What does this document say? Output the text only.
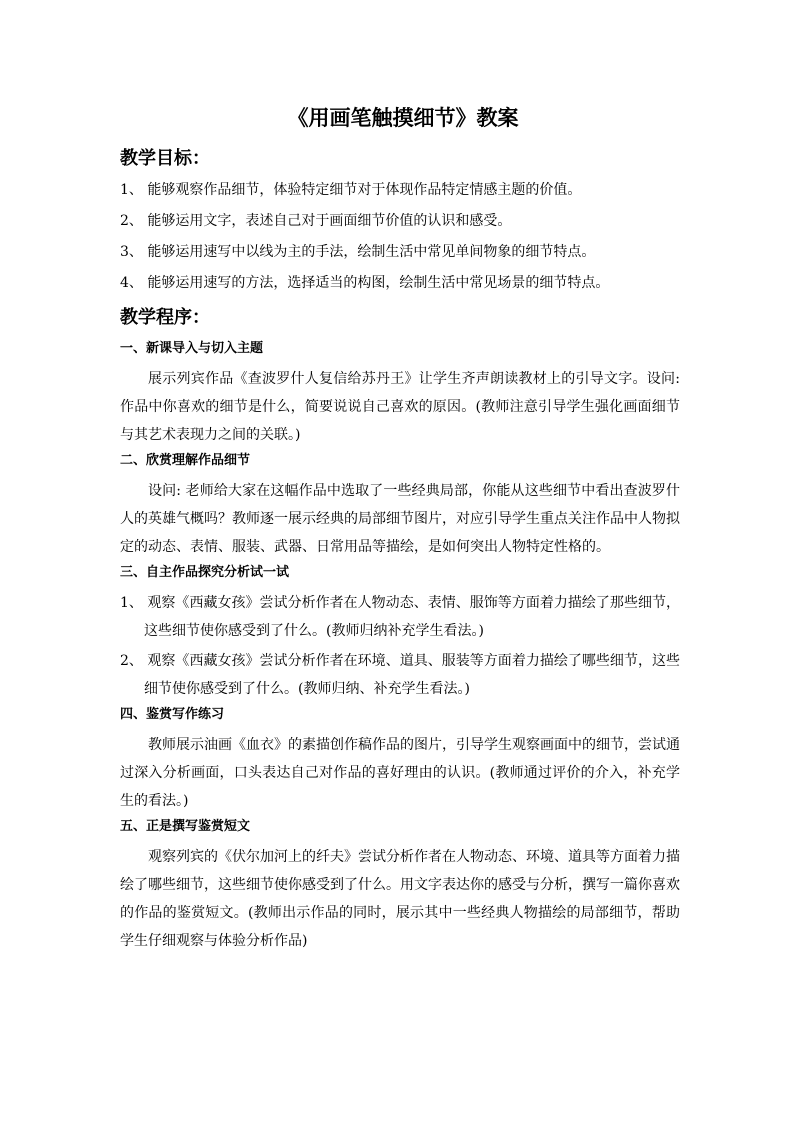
《用画笔触摸细节》教案
教学目标：
1、 能够观察作品细节，体验特定细节对于体现作品特定情感主题的价值。
2、 能够运用文字，表述自己对于画面细节价值的认识和感受。
3、 能够运用速写中以线为主的手法，绘制生活中常见单间物象的细节特点。
4、 能够运用速写的方法，选择适当的构图，绘制生活中常见场景的细节特点。
教学程序：
一、新课导入与切入主题
展示列宾作品《查波罗什人复信给苏丹王》让学生齐声朗读教材上的引导文字。设问:作品中你喜欢的细节是什么，简要说说自己喜欢的原因。(教师注意引导学生强化画面细节与其艺术表现力之间的关联。)
二、欣赏理解作品细节
设问: 老师给大家在这幅作品中选取了一些经典局部，你能从这些细节中看出查波罗什人的英雄气概吗？教师逐一展示经典的局部细节图片，对应引导学生重点关注作品中人物拟定的动态、表情、服装、武器、日常用品等描绘，是如何突出人物特定性格的。
三、自主作品探究分析试一试
1、 观察《西藏女孩》尝试分析作者在人物动态、表情、服饰等方面着力描绘了那些细节，这些细节使你感受到了什么。(教师归纳补充学生看法。)
2、 观察《西藏女孩》尝试分析作者在环境、道具、服装等方面着力描绘了哪些细节，这些细节使你感受到了什么。(教师归纳、补充学生看法。)
四、鉴赏写作练习
教师展示油画《血衣》的素描创作稿作品的图片，引导学生观察画面中的细节，尝试通过深入分析画面，口头表达自己对作品的喜好理由的认识。(教师通过评价的介入，补充学生的看法。)
五、正是撰写鉴赏短文
观察列宾的《伏尔加河上的纤夫》尝试分析作者在人物动态、环境、道具等方面着力描绘了哪些细节，这些细节使你感受到了什么。用文字表达你的感受与分析，撰写一篇你喜欢的作品的鉴赏短文。(教师出示作品的同时，展示其中一些经典人物描绘的局部细节，帮助学生仔细观察与体验分析作品)
